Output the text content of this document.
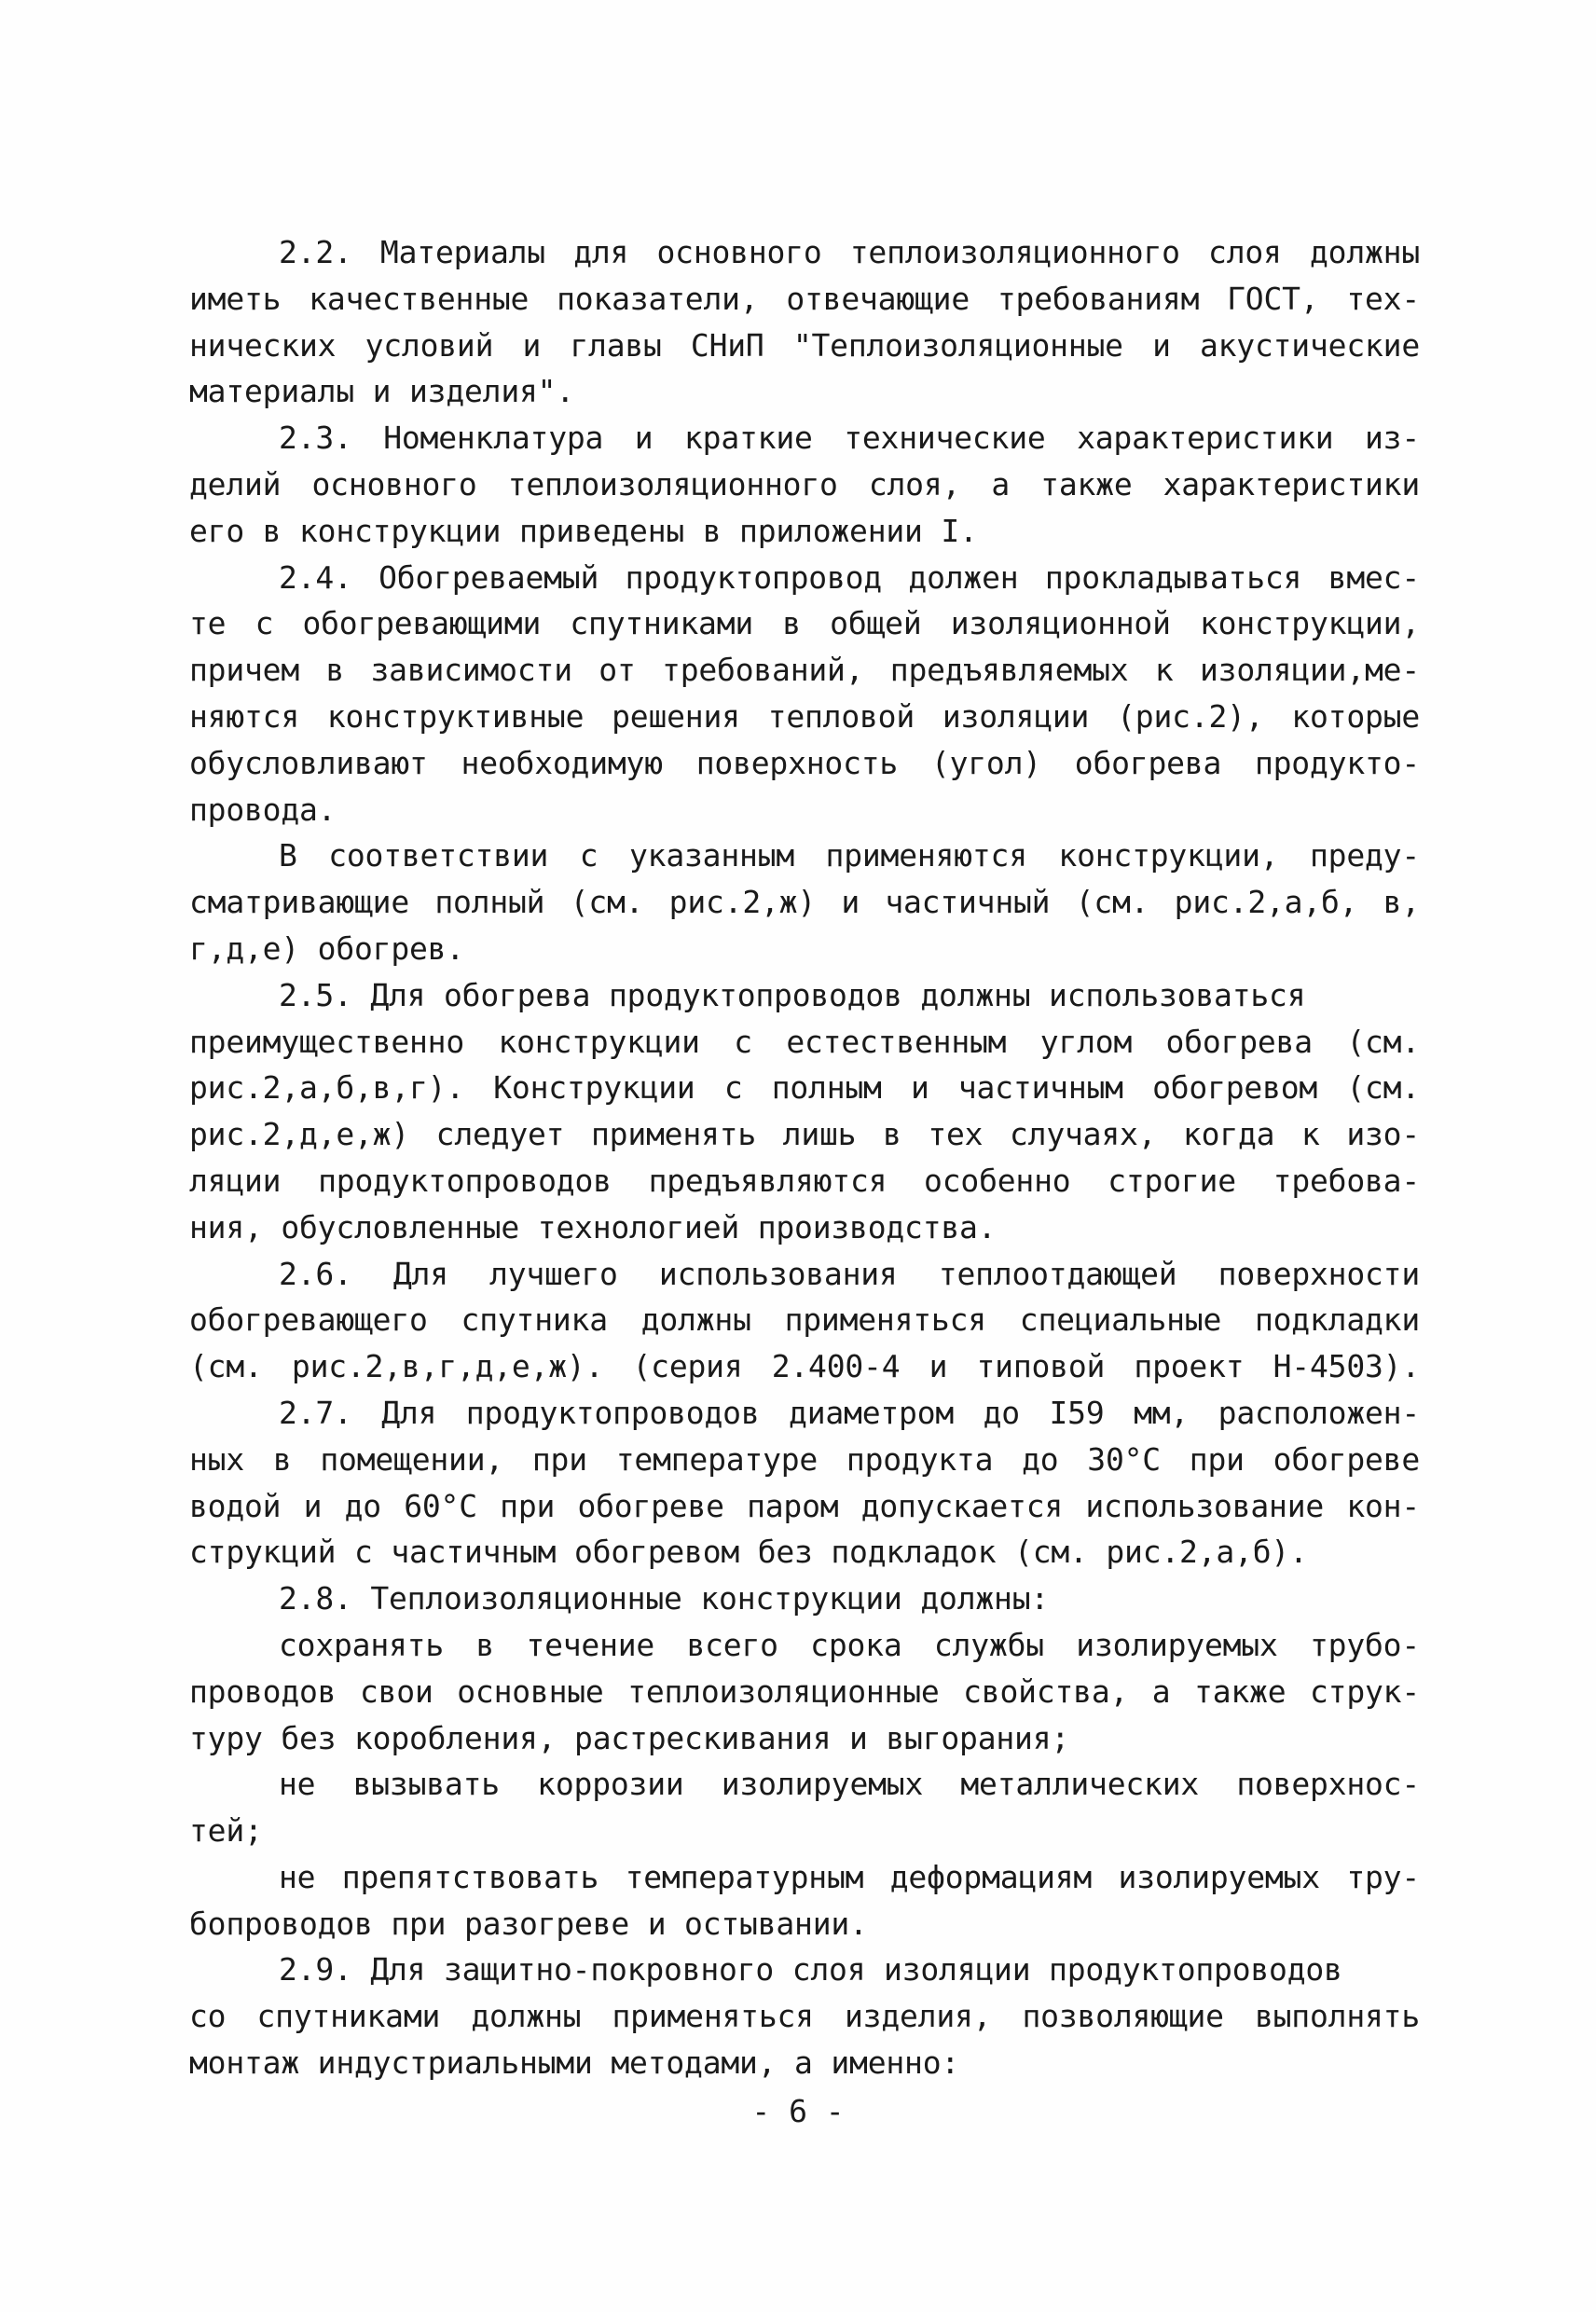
2.2. Материалы для основного теплоизоляционного слоя должны
иметь качественные показатели, отвечающие требованиям ГОСТ, тех-
нических условий и главы СНиП "Теплоизоляционные и акустические
материалы и изделия".
2.3. Номенклатура и краткие технические характеристики из-
делий основного теплоизоляционного слоя, а также характеристики
его в конструкции приведены в приложении I.
2.4. Обогреваемый продуктопровод должен прокладываться вмес-
те с обогревающими спутниками в общей изоляционной конструкции,
причем в зависимости от требований, предъявляемых к изоляции,ме-
няются конструктивные решения тепловой изоляции (рис.2), которые
обусловливают необходимую поверхность (угол) обогрева продукто-
провода.
В соответствии с указанным применяются конструкции, преду-
сматривающие полный (см. рис.2,ж) и частичный (см. рис.2,а,б, в,
г,д,е) обогрев.
2.5. Для обогрева продуктопроводов должны использоваться
преимущественно конструкции с естественным углом обогрева (см.
рис.2,а,б,в,г). Конструкции с полным и частичным обогревом (см.
рис.2,д,е,ж) следует применять лишь в тех случаях, когда к изо-
ляции продуктопроводов предъявляются особенно строгие требова-
ния, обусловленные технологией производства.
2.6. Для лучшего использования теплоотдающей поверхности
обогревающего спутника должны применяться специальные подкладки
(см. рис.2,в,г,д,е,ж). (серия 2.400-4 и типовой проект Н-4503).
2.7. Для продуктопроводов диаметром до I59 мм, расположен-
ных в помещении, при температуре продукта до 30°С при обогреве
водой и до 60°С при обогреве паром допускается использование кон-
струкций с частичным обогревом без подкладок (см. рис.2,а,б).
2.8. Теплоизоляционные конструкции должны:
сохранять в течение всего срока службы изолируемых трубо-
проводов свои основные теплоизоляционные свойства, а также струк-
туру без коробления, растрескивания и выгорания;
не вызывать коррозии изолируемых металлических поверхнос-
тей;
не препятствовать температурным деформациям изолируемых тру-
бопроводов при разогреве и остывании.
2.9. Для защитно-покровного слоя изоляции продуктопроводов
со спутниками должны применяться изделия, позволяющие выполнять
монтаж индустриальными методами, а именно:
- 6 -
